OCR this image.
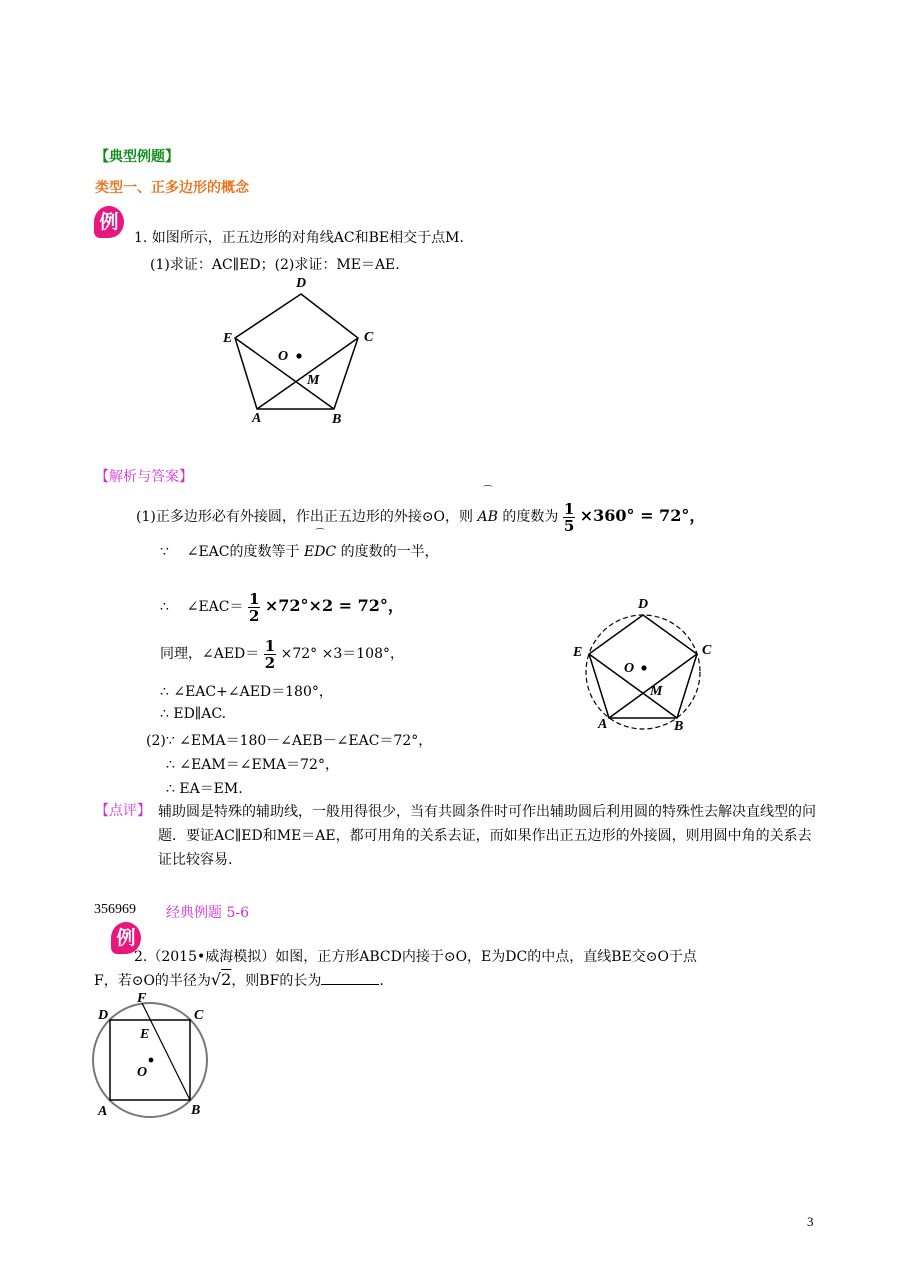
【典型例题】
类型一、正多边形的概念
例
1. 如图所示，正五边形的对角线AC和BE相交于点M.
(1)求证：AC∥ED；(2)求证：ME＝AE.
D
E	C
O
M
A	B
【解析与答案】
(1)正多边形必有外接圆，作出正五边形的外接⊙O，则
⌒
AB 的度数为 $\frac{1}{5} \times 360^\circ = 72^\circ$，
∵ ∠EAC的度数等于
⌒
EDC 的度数的一半，
∴ ∠EAC＝ $\frac{1}{2} \times 72^\circ\times 2 = 72^\circ$，
同理，∠AED＝ $\frac{1}{2} \times 72^\circ \times 3=108^\circ$，
∴ ∠EAC+∠AED＝180°，
∴ ED∥AC.
(2)∵ ∠EMA＝180－∠AEB－∠EAC＝72°，
∴ ∠EAM＝∠EMA＝72°，
∴ EA＝EM.
D
E	C
O
M
A	B
【点评】 辅助圆是特殊的辅助线，一般用得很少，当有共圆条件时可作出辅助圆后利用圆的特殊性去解决直线型的问题．要证AC∥ED和ME＝AE，都可用角的关系去证，而如果作出正五边形的外接圆，则用圆中角的关系去证比较容易.
356969 经典例题 5-6
例
2.（2015•威海模拟）如图，正方形ABCD内接于⊙O，E为DC的中点，直线BE交⊙O于点
F，若⊙O的半径为√2，则BF的长为	.
F
D	C
E
O
A	B
3
